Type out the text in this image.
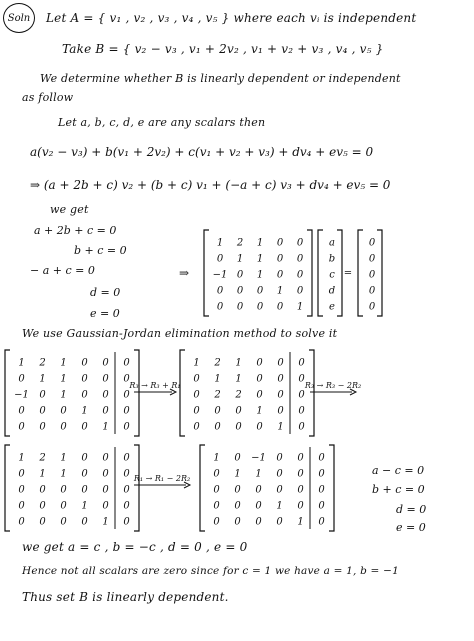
Soln	Let A = { v₁ , v₂ , v₃ , v₄ , v₅ } where each vᵢ is independent
Take B = { v₂ − v₃ , v₁ + 2v₂ , v₁ + v₂ + v₃ , v₄ , v₅ }
We determine whether B is linearly dependent or independent
as follow
Let a, b, c, d, e are any scalars then
a(v₂ − v₃) + b(v₁ + 2v₂) + c(v₁ + v₂ + v₃) + dv₄ + ev₅ = 0
⇒ (a + 2b + c) v₂ + (b + c) v₁ + (−a + c) v₃ + dv₄ + ev₅ = 0
we get
a + 2b + c = 0
b + c = 0
− a + c = 0
d = 0
e = 0
We use Gaussian-Jordan elimination method to solve it
a − c = 0
b + c = 0
d = 0
e = 0
we get a = c , b = −c , d = 0 , e = 0
Hence not all scalars are zero since for c = 1 we have a = 1, b = −1
Thus set B is linearly dependent.
1 2 1 0 0
0 1 1 0 0
−1 0 1 0 0
0 0 0 1 0
0 0 0 0 1
a
b
c
d
e
=
0
0
0
0
0
⇒
1 2 1 0 0 0
0 1 1 0 0 0
−1 0 1 0 0 0
0 0 0 1 0 0
0 0 0 0 1 0
R₃ → R₃ + R₁
1 2 1 0 0 0
0 1 1 0 0 0
0 2 2 0 0 0
0 0 0 1 0 0
0 0 0 0 1 0
R₃ → R₃ − 2R₂
1 2 1 0 0 0
0 1 1 0 0 0
0 0 0 0 0 0
0 0 0 1 0 0
0 0 0 0 1 0
R₁ → R₁ − 2R₂
1 0 −1 0 0 0
0 1 1 0 0 0
0 0 0 0 0 0
0 0 0 1 0 0
0 0 0 0 1 0
